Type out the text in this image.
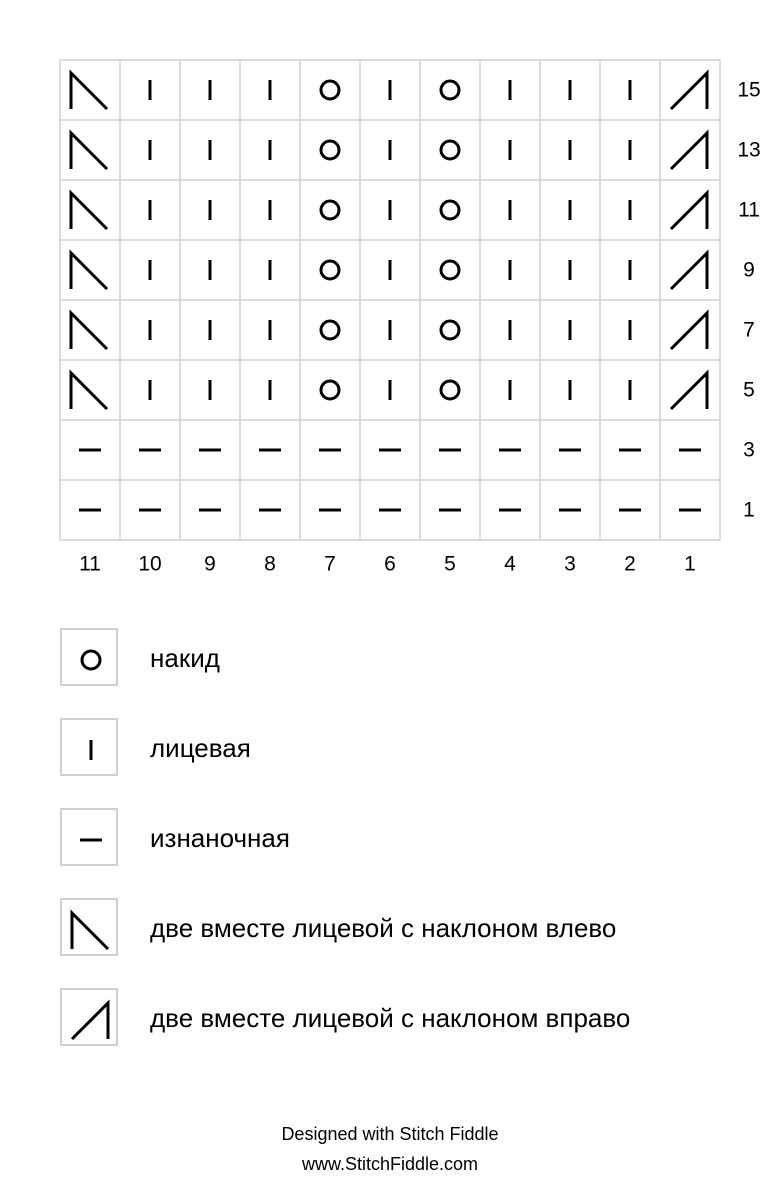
15
13
11
9
7
5
3
1
11 10 9 8 7 6 5 4 3 2 1
накид
лицевая
изнаночная
две вместе лицевой с наклоном влево
две вместе лицевой с наклоном вправо
Designed with Stitch Fiddle
www.StitchFiddle.com
